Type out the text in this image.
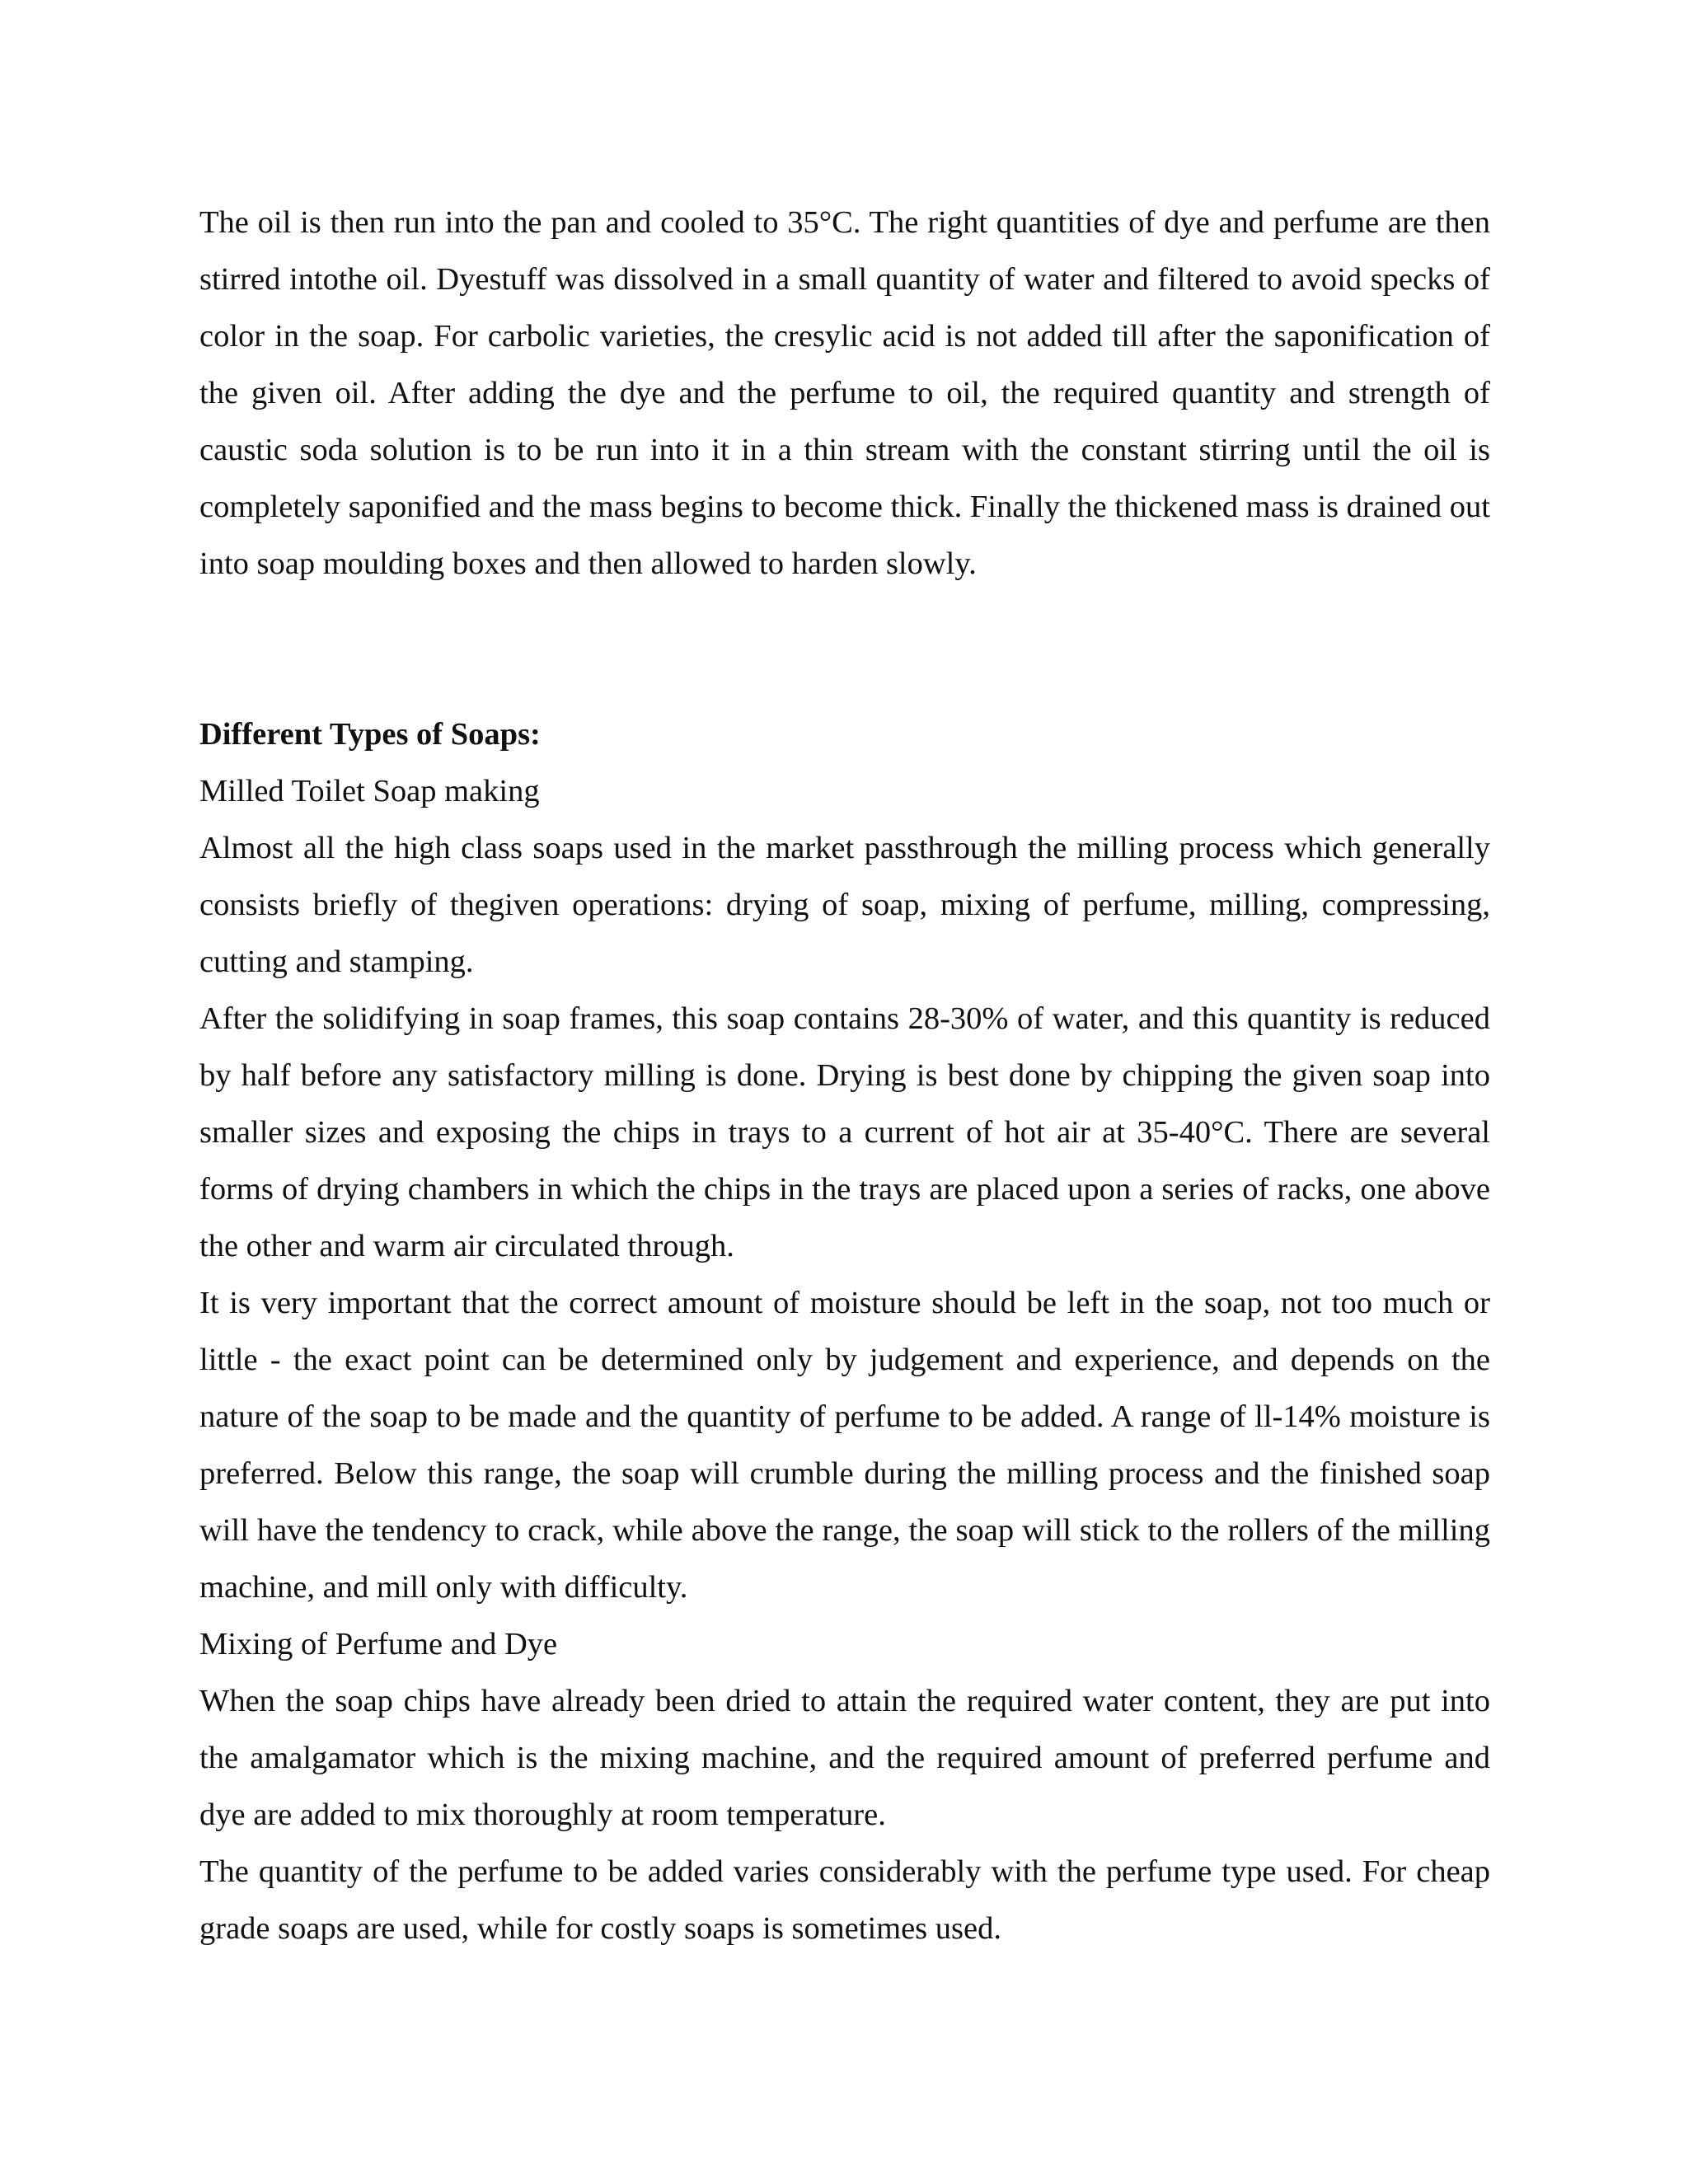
The oil is then run into the pan and cooled to 35°C. The right quantities of dye and perfume are then stirred intothe oil. Dyestuff was dissolved in a small quantity of water and filtered to avoid specks of color in the soap. For carbolic varieties, the cresylic acid is not added till after the saponification of the given oil. After adding the dye and the perfume to oil, the required quantity and strength of caustic soda solution is to be run into it in a thin stream with the constant stirring until the oil is completely saponified and the mass begins to become thick. Finally the thickened mass is drained out into soap moulding boxes and then allowed to harden slowly.

Different Types of Soaps:

Milled Toilet Soap making

Almost all the high class soaps used in the market passthrough the milling process which generally consists briefly of thegiven operations: drying of soap, mixing of perfume, milling, compressing, cutting and stamping.

After the solidifying in soap frames, this soap contains 28-30% of water, and this quantity is reduced by half before any satisfactory milling is done. Drying is best done by chipping the given soap into smaller sizes and exposing the chips in trays to a current of hot air at 35-40°C. There are several forms of drying chambers in which the chips in the trays are placed upon a series of racks, one above the other and warm air circulated through.

It is very important that the correct amount of moisture should be left in the soap, not too much or little - the exact point can be determined only by judgement and experience, and depends on the nature of the soap to be made and the quantity of perfume to be added. A range of ll-14% moisture is preferred. Below this range, the soap will crumble during the milling process and the finished soap will have the tendency to crack, while above the range, the soap will stick to the rollers of the milling machine, and mill only with difficulty.

Mixing of Perfume and Dye

When the soap chips have already been dried to attain the required water content, they are put into the amalgamator which is the mixing machine, and the required amount of preferred perfume and dye are added to mix thoroughly at room temperature.

The quantity of the perfume to be added varies considerably with the perfume type used. For cheap grade soaps are used, while for costly soaps is sometimes used.
